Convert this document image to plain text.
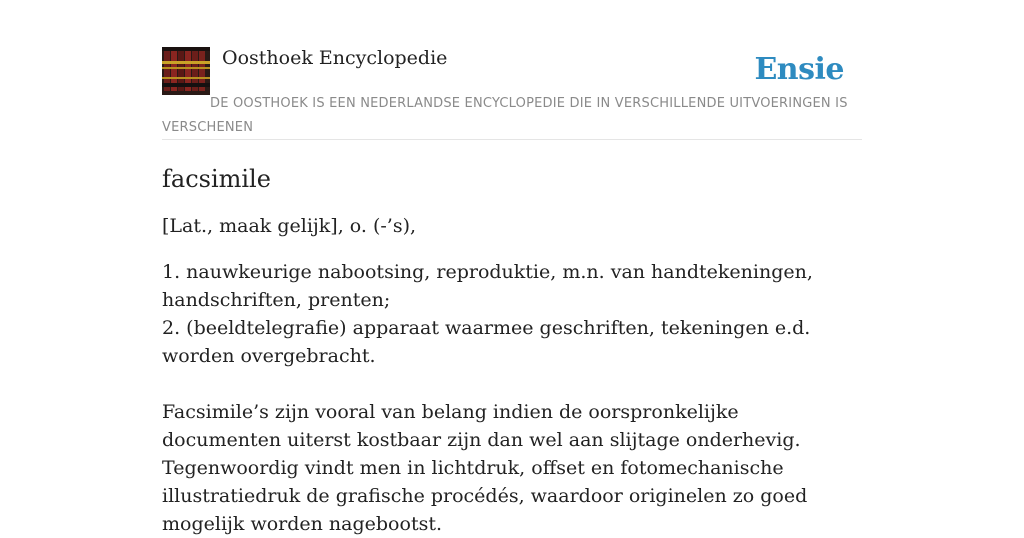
Oosthoek Encyclopedie	Ensie
DE OOSTHOEK IS EEN NEDERLANDSE ENCYCLOPEDIE DIE IN VERSCHILLENDE UITVOERINGEN IS VERSCHENEN
facsimile

[Lat., maak gelijk], o. (-’s),

1. nauwkeurige nabootsing, reproduktie, m.n. van handtekeningen, handschriften, prenten;
2. (beeldtelegrafie) apparaat waarmee geschriften, tekeningen e.d. worden overgebracht.

Facsimile’s zijn vooral van belang indien de oorspronkelijke documenten uiterst kostbaar zijn dan wel aan slijtage onderhevig. Tegenwoordig vindt men in lichtdruk, offset en fotomechanische illustratiedruk de grafische procédés, waardoor originelen zo goed mogelijk worden nagebootst.
